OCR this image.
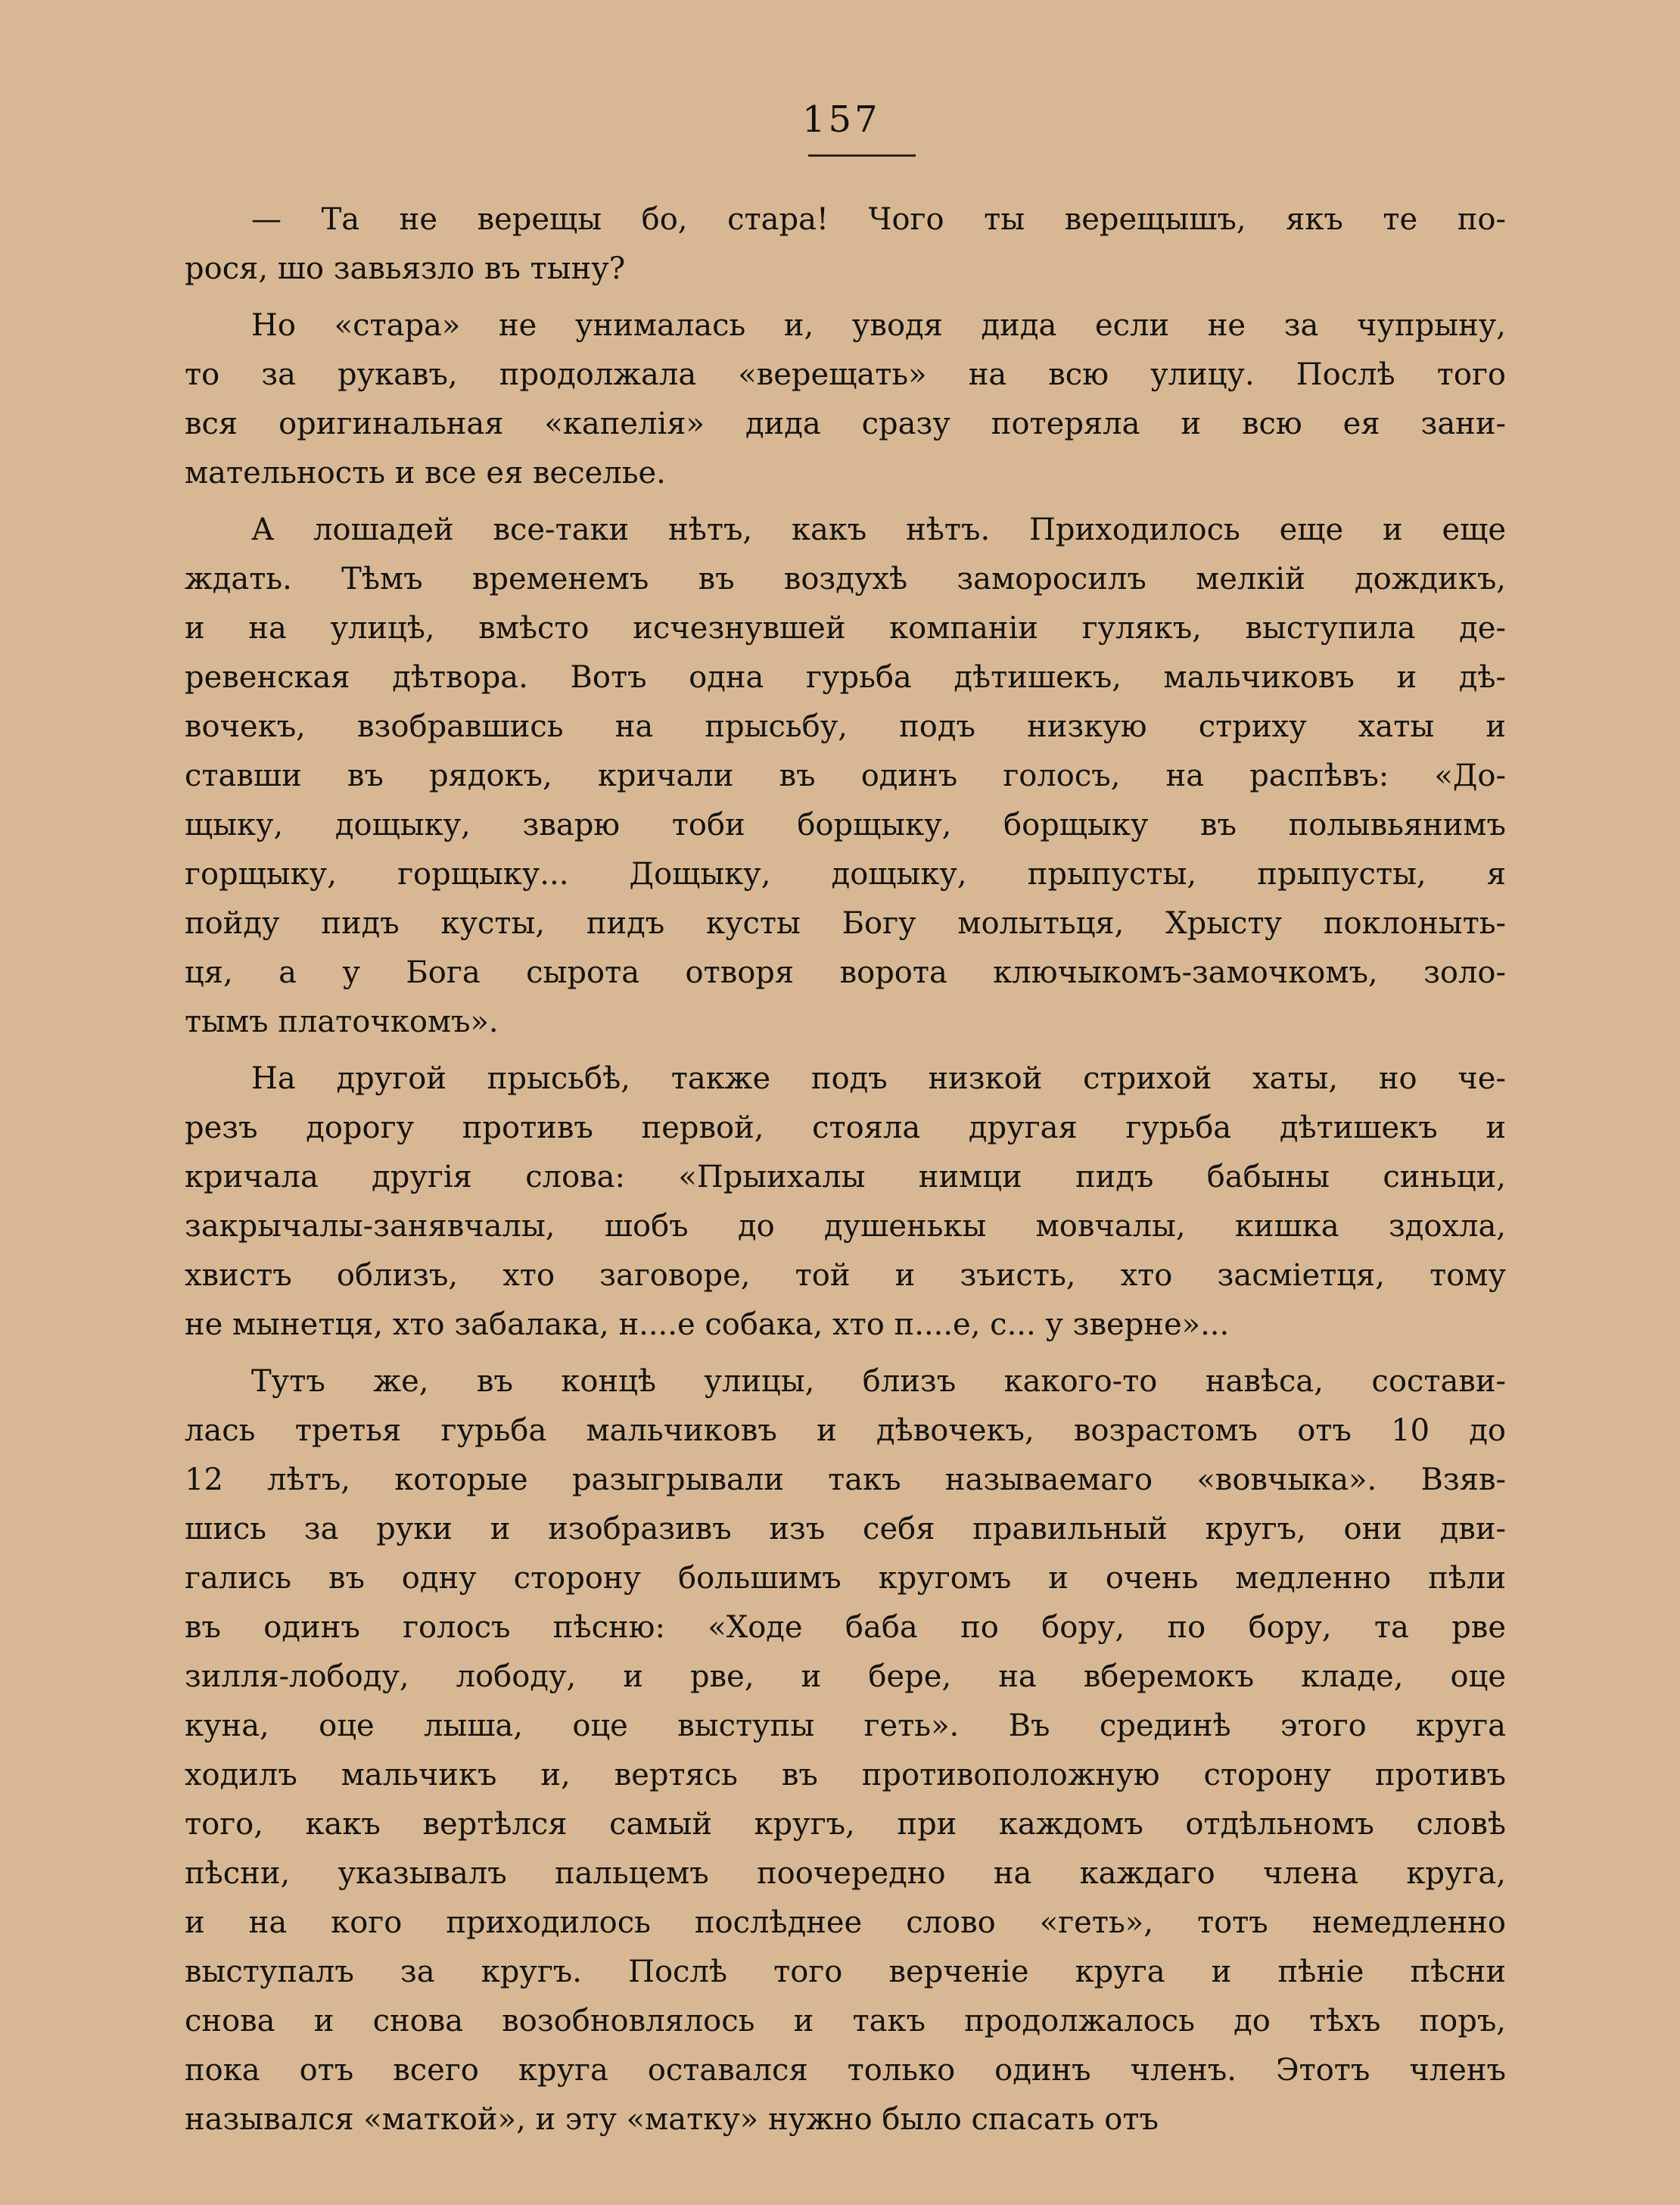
157
— Та не верещы бо, стара! Чого ты верещышъ, якъ те по-
рося, шо завьязло въ тыну?
Но «стара» не унималась и, уводя дида если не за чупрыну,
то за рукавъ, продолжала «верещать» на всю улицу. Послѣ того
вся оригинальная «капелія» дида сразу потеряла и всю ея зани-
мательность и все ея веселье.
А лошадей все-таки нѣтъ, какъ нѣтъ. Приходилось еще и еще
ждать. Тѣмъ временемъ въ воздухѣ заморосилъ мелкій дождикъ,
и на улицѣ, вмѣсто исчезнувшей компаніи гулякъ, выступила де-
ревенская дѣтвора. Вотъ одна гурьба дѣтишекъ, мальчиковъ и дѣ-
вочекъ, взобравшись на прысьбу, подъ низкую стриху хаты и
ставши въ рядокъ, кричали въ одинъ голосъ, на распѣвъ: «До-
щыку, дощыку, зварю тоби борщыку, борщыку въ полывьянимъ
горщыку, горщыку... Дощыку, дощыку, прыпусты, прыпусты, я
пойду пидъ кусты, пидъ кусты Богу молытьця, Хрысту поклоныть-
ця, а у Бога сырота отворя ворота ключыкомъ-замочкомъ, золо-
тымъ платочкомъ».
На другой прысьбѣ, также подъ низкой стрихой хаты, но че-
резъ дорогу противъ первой, стояла другая гурьба дѣтишекъ и
кричала другія слова: «Прыихалы нимци пидъ бабыны синьци,
закрычалы-занявчалы, шобъ до душенькы мовчалы, кишка здохла,
хвистъ облизъ, хто заговоре, той и зъисть, хто засміетця, тому
не мынетця, хто забалака, н....е собака, хто п....е, с... у зверне»...
Тутъ же, въ концѣ улицы, близъ какого-то навѣса, состави-
лась третья гурьба мальчиковъ и дѣвочекъ, возрастомъ отъ 10 до
12 лѣтъ, которые разыгрывали такъ называемаго «вовчыка». Взяв-
шись за руки и изобразивъ изъ себя правильный кругъ, они дви-
гались въ одну сторону большимъ кругомъ и очень медленно пѣли
въ одинъ голосъ пѣсню: «Ходе баба по бору, по бору, та рве
зилля-лободу, лободу, и рве, и бере, на вберемокъ кладе, оце
куна, оце лыша, оце выступы геть». Въ срединѣ этого круга
ходилъ мальчикъ и, вертясь въ противоположную сторону противъ
того, какъ вертѣлся самый кругъ, при каждомъ отдѣльномъ словѣ
пѣсни, указывалъ пальцемъ поочередно на каждаго члена круга,
и на кого приходилось послѣднее слово «геть», тотъ немедленно
выступалъ за кругъ. Послѣ того верченіе круга и пѣніе пѣсни
снова и снова возобновлялось и такъ продолжалось до тѣхъ поръ,
пока отъ всего круга оставался только одинъ членъ. Этотъ членъ
назывался «маткой», и эту «матку» нужно было спасать отъ
